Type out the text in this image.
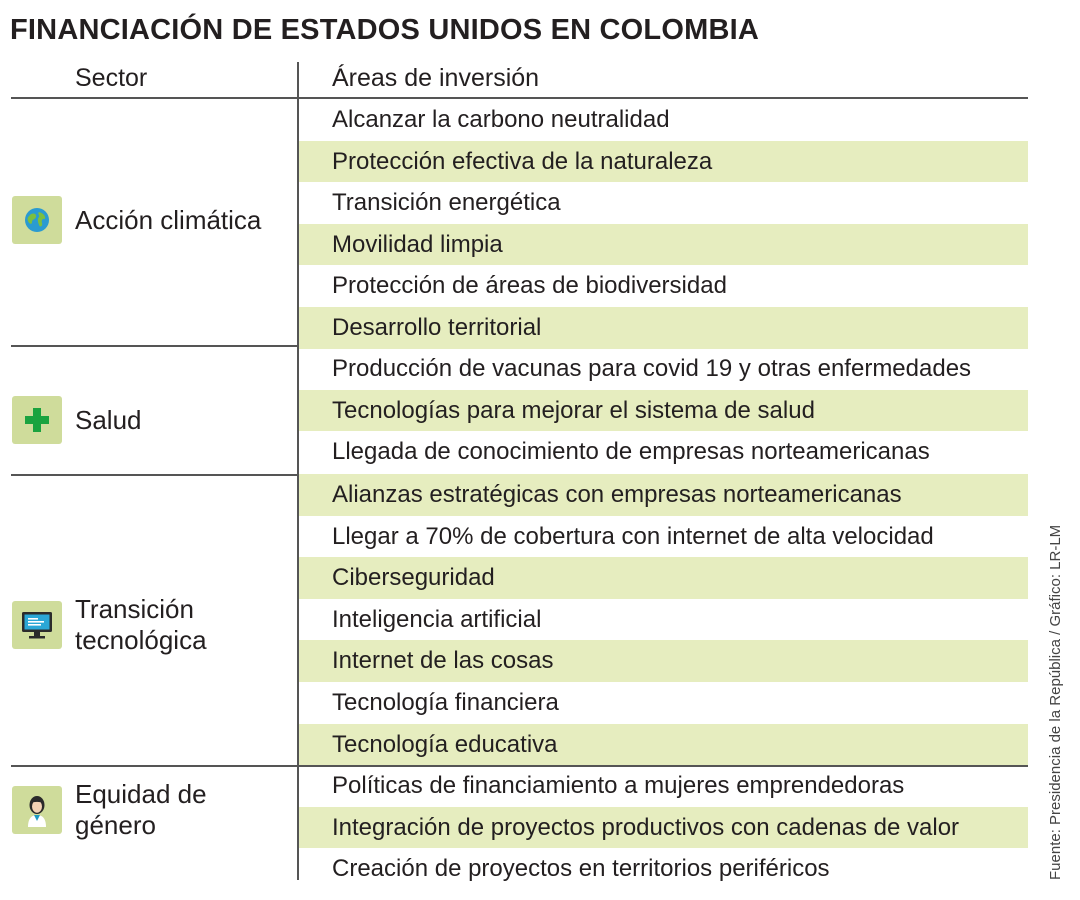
FINANCIACIÓN DE ESTADOS UNIDOS EN COLOMBIA
Sector	Áreas de inversión
Alcanzar la carbono neutralidad
Protección efectiva de la naturaleza
Transición energética
Movilidad limpia
Protección de áreas de biodiversidad
Desarrollo territorial
Producción de vacunas para covid 19 y otras enfermedades
Tecnologías para mejorar el sistema de salud
Llegada de conocimiento de empresas norteamericanas
Alianzas estratégicas con empresas norteamericanas
Llegar a 70% de cobertura con internet de alta velocidad
Ciberseguridad
Inteligencia artificial
Internet de las cosas
Tecnología financiera
Tecnología educativa
Políticas de financiamiento a mujeres emprendedoras
Integración de proyectos productivos con cadenas de valor
Creación de proyectos en territorios periféricos
Acción climática
Salud
Transición tecnológica
Equidad de género	Fuente: Presidencia de la República / Gráfico: LR-LM
